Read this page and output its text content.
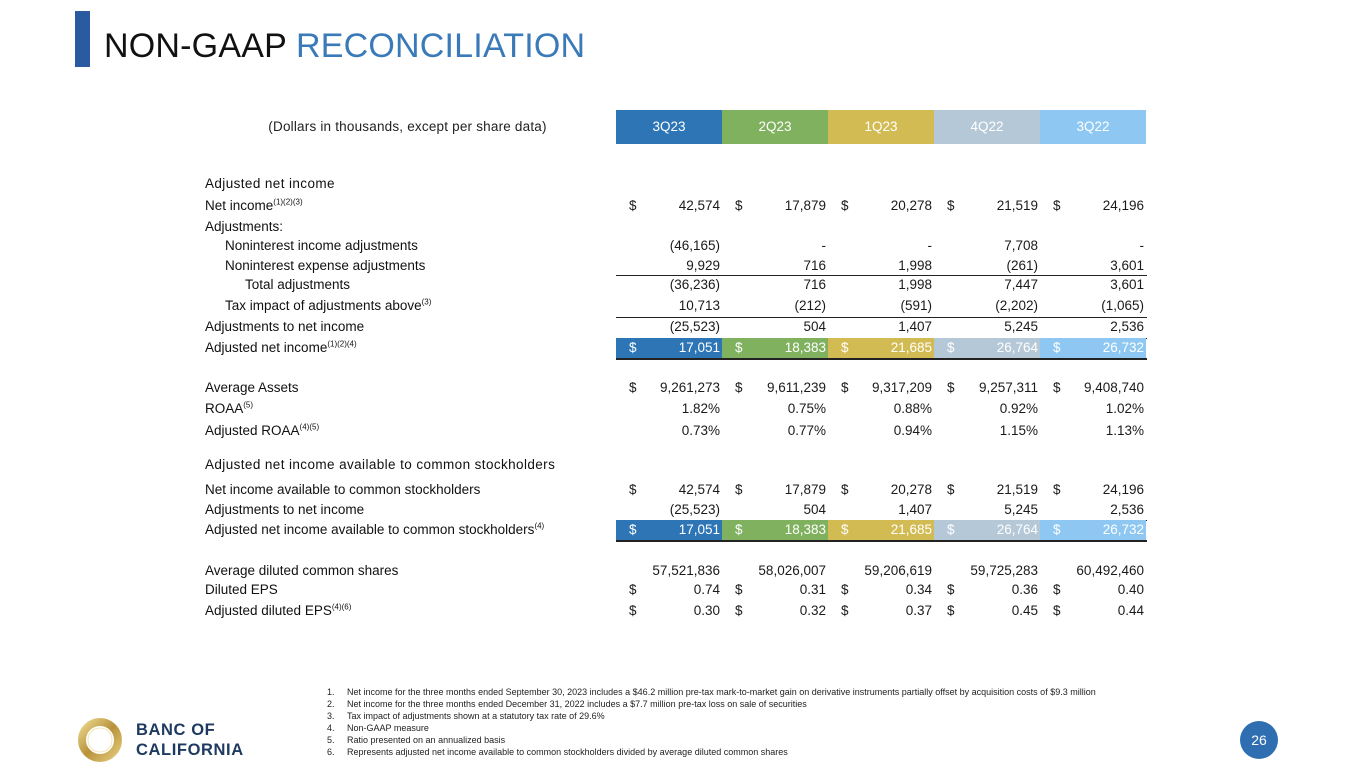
NON-GAAP RECONCILIATION
(Dollars in thousands, except per share data)	3Q23	2Q23	1Q23	4Q22	3Q22
Adjusted net income
Net income$^{(1)(2)(3)}$	$	42,574 $	17,879 $	20,278 $	21,519 $	24,196
Adjustments:
Noninterest income adjustments	(46,165)	-	-	7,708	-
Noninterest expense adjustments	9,929	716	1,998	(261)	3,601
Total adjustments	(36,236)	716	1,998	7,447	3,601
Tax impact of adjustments above$^{(3)}$	10,713	(212)	(591)	(2,202)	(1,065)
Adjustments to net income	(25,523)	504	1,407	5,245	2,536
Adjusted net income$^{(1)(2)(4)}$	$	17,051 $	18,383 $	21,685 $	26,764 $	26,732
Average Assets	$ 9,261,273 $ 9,611,239 $ 9,317,209 $ 9,257,311 $ 9,408,740
ROAA$^{(5)}$	1.82%	0.75%	0.88%	0.92%	1.02%
Adjusted $ROAA^{(4)(5)}$	0.73%	0.77%	0.94%	1.15%	1.13%
Adjusted net income available to common stockholders
Net income available to common stockholders	$	42,574 $	17,879 $	20,278 $	21,519 $	24,196
Adjustments to net income	(25,523)	504	1,407	5,245	2,536
Adjusted net income available to common stockholders$^{(4)}$	$	17,051 $	18,383 $	21,685 $	26,764 $	26,732
Average diluted common shares	57,521,836	58,026,007	59,206,619	59,725,283	60,492,460
Diluted EPS	$	0.74 $	0.31 $	0.34 $	0.36 $	0.40
Adjusted diluted $EPS^{(4)(6)}$	$	0.30 $	0.32 $	0.37 $	0.45 $	0.44
1. Net income for the three months ended September 30, 2023 includes a $46.2 million pre-tax mark-to-market gain on derivative instruments partially offset by acquisition costs of $9.3 million
2. Net income for the three months ended December 31, 2022 includes a $7.7 million pre-tax loss on sale of securities
3. Tax impact of adjustments shown at a statutory tax rate of 29.6%
4. Non-GAAP measure
5. Ratio presented on an annualized basis
6. Represents adjusted net income available to common stockholders divided by average diluted common shares
BANC OF
CALIFORNIA
26
